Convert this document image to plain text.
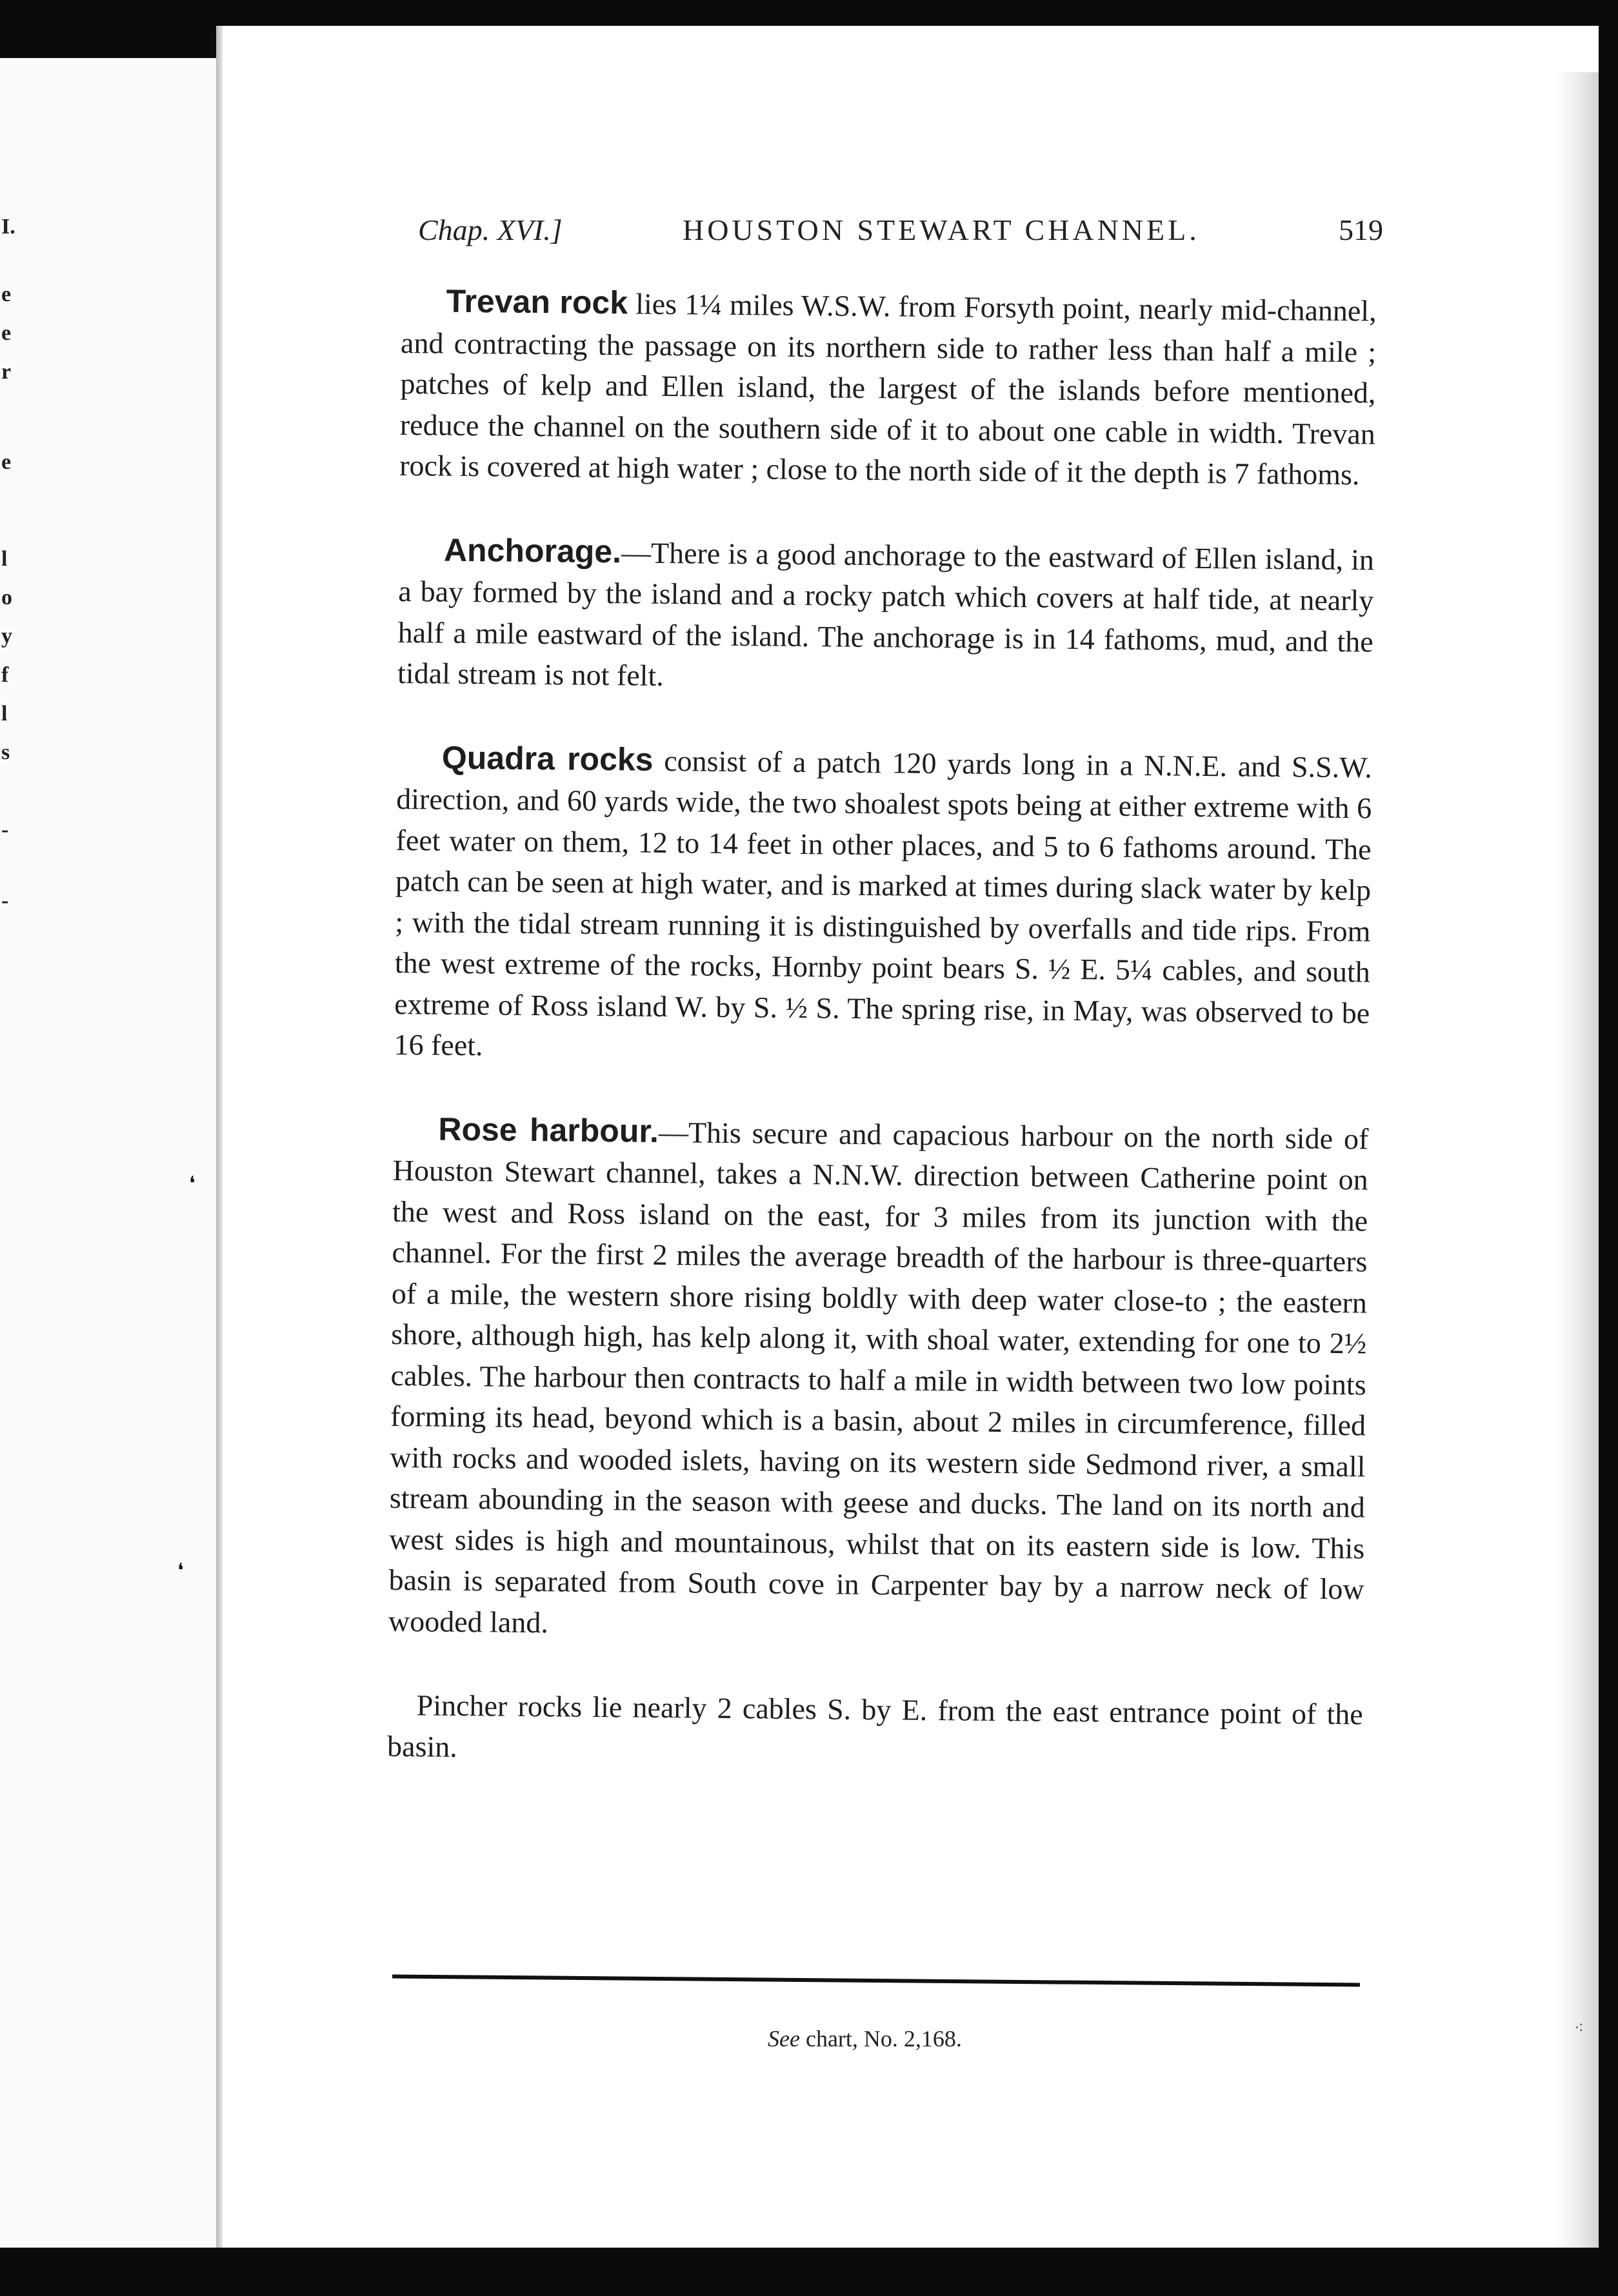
I.
e
e
r
e
l
o
y
f
l
s
-
-
❛
❛
⁖
Chap. XVI.]	HOUSTON STEWART CHANNEL.	519

Trevan rock lies 1¼ miles W.S.W. from Forsyth point, nearly mid-channel, and contracting the passage on its northern side to rather less than half a mile ; patches of kelp and Ellen island, the largest of the islands before mentioned, reduce the channel on the southern side of it to about one cable in width. Trevan rock is covered at high water ; close to the north side of it the depth is 7 fathoms.

Anchorage.—There is a good anchorage to the eastward of Ellen island, in a bay formed by the island and a rocky patch which covers at half tide, at nearly half a mile eastward of the island. The anchorage is in 14 fathoms, mud, and the tidal stream is not felt.

Quadra rocks consist of a patch 120 yards long in a N.N.E. and S.S.W. direction, and 60 yards wide, the two shoalest spots being at either extreme with 6 feet water on them, 12 to 14 feet in other places, and 5 to 6 fathoms around. The patch can be seen at high water, and is marked at times during slack water by kelp ; with the tidal stream running it is distinguished by overfalls and tide rips. From the west extreme of the rocks, Hornby point bears S. ½ E. 5¼ cables, and south extreme of Ross island W. by S. ½ S. The spring rise, in May, was observed to be 16 feet.

Rose harbour.—This secure and capacious harbour on the north side of Houston Stewart channel, takes a N.N.W. direction between Catherine point on the west and Ross island on the east, for 3 miles from its junction with the channel. For the first 2 miles the average breadth of the harbour is three-quarters of a mile, the western shore rising boldly with deep water close-to ; the eastern shore, although high, has kelp along it, with shoal water, extending for one to 2½ cables. The harbour then contracts to half a mile in width between two low points forming its head, beyond which is a basin, about 2 miles in circumference, filled with rocks and wooded islets, having on its western side Sedmond river, a small stream abounding in the season with geese and ducks. The land on its north and west sides is high and mountainous, whilst that on its eastern side is low. This basin is separated from South cove in Carpenter bay by a narrow neck of low wooded land.

Pincher rocks lie nearly 2 cables S. by E. from the east entrance point of the basin.

See chart, No. 2,168.
